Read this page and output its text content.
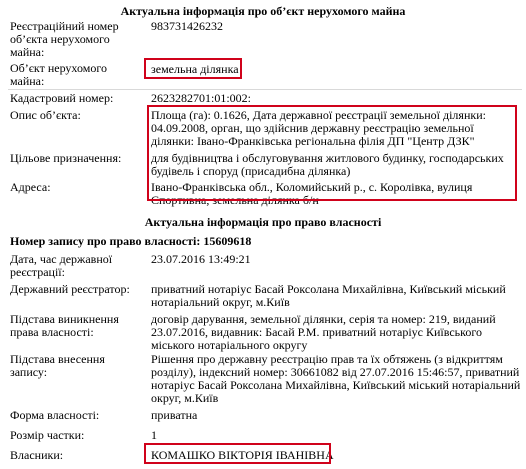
Актуальна інформація про об’єкт нерухомого майна
Реєстраційний номер об’єкта нерухомого майна:
983731426232
Об’єкт нерухомого майна:
земельна ділянка
Кадастровий номер:	2623282701:01:002:
Опис об’єкта:	Площа (га): 0.1626, Дата державної реєстрації земельної ділянки: 04.09.2008, орган, що здійснив державну реєстрацію земельної ділянки: Івано-Франківська регіональна філія ДП "Центр ДЗК"
Цільове призначення:	для будівництва і обслуговування житлового будинку, господарських будівель і споруд (присадибна ділянка)
Адреса:	Івано-Франківська обл., Коломийський р., с. Королівка, вулиця Спортивна, земельна ділянка б/н
Актуальна інформація про право власності
Номер запису про право власності: 15609618
Дата, час державної реєстрації:
23.07.2016 13:49:21
Державний реєстратор:	приватний нотаріус Басай Роксолана Михайлівна, Київський міський нотаріальний округ, м.Київ
Підстава виникнення права власності:
договір дарування, земельної ділянки, серія та номер: 219, виданий 23.07.2016, видавник: Басай Р.М. приватний нотаріус Київського міського нотаріального округу
Підстава внесення запису:
Рішення про державну реєстрацію прав та їх обтяжень (з відкриттям розділу), індексний номер: 30661082 від 27.07.2016 15:46:57, приватний нотаріус Басай Роксолана Михайлівна, Київський міський нотаріальний округ, м.Київ
Форма власності:	приватна
Розмір частки:	1
Власники:	КОМАШКО ВІКТОРІЯ ІВАНІВНА
